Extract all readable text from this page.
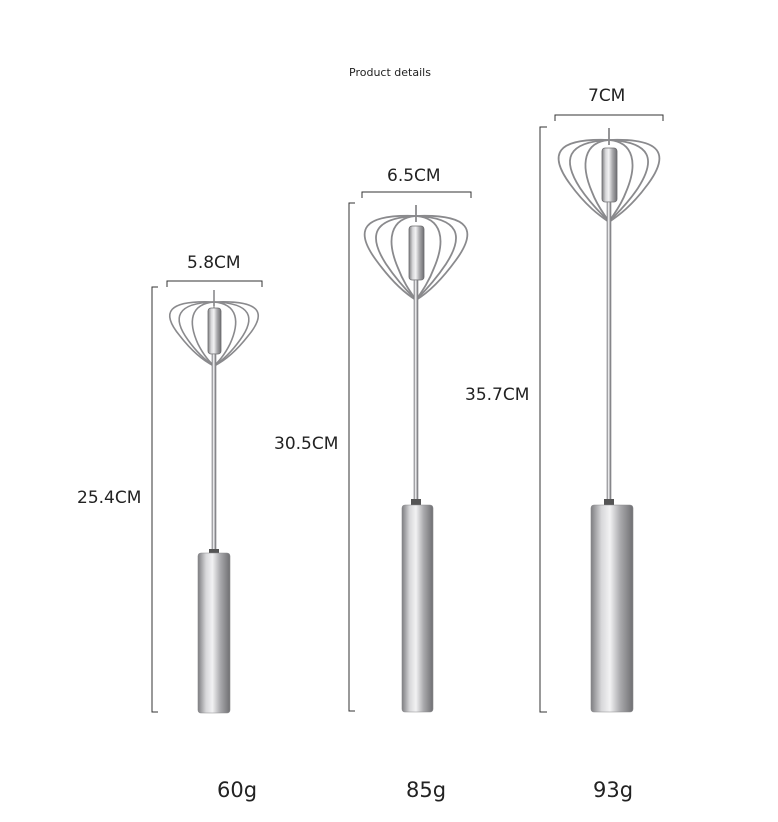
Product details
5.8CM
25.4CM
60g
6.5CM
30.5CM
85g
7CM
35.7CM
93g
